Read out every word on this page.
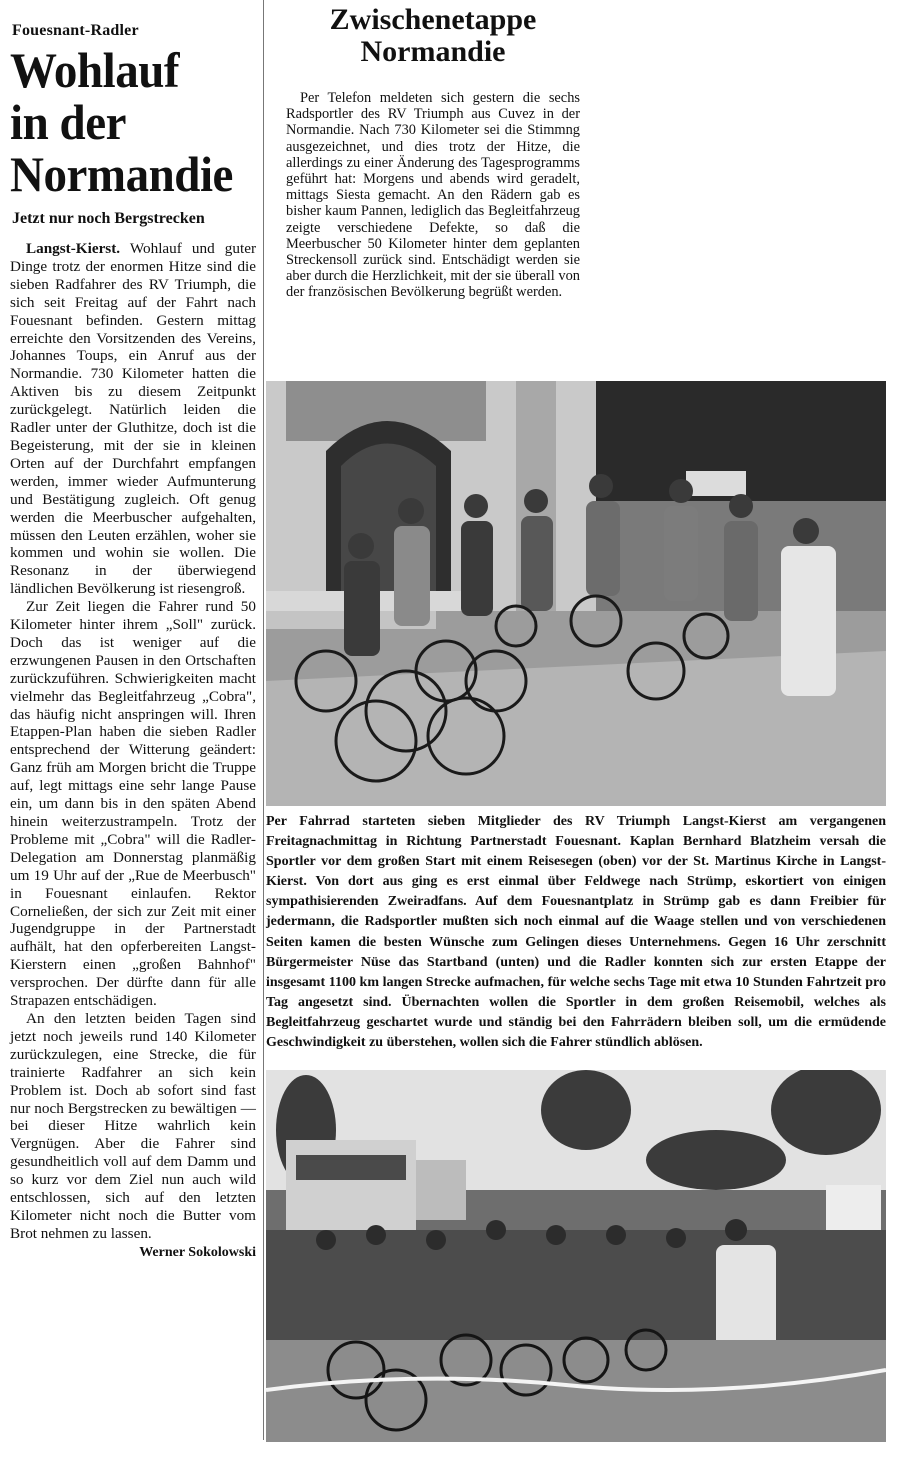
Fouesnant-Radler
Wohlauf
in der
Normandie
Jetzt nur noch Bergstrecken

Langst-Kierst. Wohlauf und guter Dinge trotz der enormen Hitze sind die sieben Radfahrer des RV Triumph, die sich seit Freitag auf der Fahrt nach Fouesnant befinden. Gestern mittag erreichte den Vorsitzenden des Vereins, Johannes Toups, ein Anruf aus der Normandie. 730 Kilometer hatten die Aktiven bis zu diesem Zeitpunkt zurückgelegt. Natürlich leiden die Radler unter der Gluthitze, doch ist die Begeisterung, mit der sie in kleinen Orten auf der Durchfahrt empfangen werden, immer wieder Aufmunterung und Bestätigung zugleich. Oft genug werden die Meerbuscher aufgehalten, müssen den Leuten erzählen, woher sie kommen und wohin sie wollen. Die Resonanz in der überwiegend ländlichen Bevölkerung ist riesengroß.

Zur Zeit liegen die Fahrer rund 50 Kilometer hinter ihrem „Soll" zurück. Doch das ist weniger auf die erzwungenen Pausen in den Ortschaften zurückzuführen. Schwierigkeiten macht vielmehr das Begleitfahrzeug „Cobra", das häufig nicht anspringen will. Ihren Etappen-Plan haben die sieben Radler entsprechend der Witterung geändert: Ganz früh am Morgen bricht die Truppe auf, legt mittags eine sehr lange Pause ein, um dann bis in den späten Abend hinein weiterzustrampeln. Trotz der Probleme mit „Cobra" will die Radler-Delegation am Donnerstag planmäßig um 19 Uhr auf der „Rue de Meerbusch" in Fouesnant einlaufen. Rektor Corneließen, der sich zur Zeit mit einer Jugendgruppe in der Partnerstadt aufhält, hat den opferbereiten Langst-Kierstern einen „großen Bahnhof" versprochen. Der dürfte dann für alle Strapazen entschädigen.

An den letzten beiden Tagen sind jetzt noch jeweils rund 140 Kilometer zurückzulegen, eine Strecke, die für trainierte Radfahrer an sich kein Problem ist. Doch ab sofort sind fast nur noch Bergstrecken zu bewältigen — bei dieser Hitze wahrlich kein Vergnügen. Aber die Fahrer sind gesundheitlich voll auf dem Damm und so kurz vor dem Ziel nun auch wild entschlossen, sich auf den letzten Kilometer nicht noch die Butter vom Brot nehmen zu lassen.

Werner Sokolowski
Zwischenetappe
Normandie

Per Telefon meldeten sich gestern die sechs Radsportler des RV Triumph aus Cuvez in der Normandie. Nach 730 Kilometer sei die Stimmng ausgezeichnet, und dies trotz der Hitze, die allerdings zu einer Änderung des Tagesprogramms geführt hat: Morgens und abends wird geradelt, mittags Siesta gemacht. An den Rädern gab es bisher kaum Pannen, lediglich das Begleitfahrzeug zeigte verschiedene Defekte, so daß die Meerbuscher 50 Kilometer hinter dem geplanten Streckensoll zurück sind. Entschädigt werden sie aber durch die Herzlichkeit, mit der sie überall von der französischen Bevölkerung begrüßt werden.

Per Fahrrad starteten sieben Mitglieder des RV Triumph Langst-Kierst am vergangenen Freitagnachmittag in Richtung Partnerstadt Fouesnant. Kaplan Bernhard Blatzheim versah die Sportler vor dem großen Start mit einem Reisesegen (oben) vor der St. Martinus Kirche in Langst-Kierst. Von dort aus ging es erst einmal über Feldwege nach Strümp, eskortiert von einigen sympathisierenden Zweiradfans. Auf dem Fouesnantplatz in Strümp gab es dann Freibier für jedermann, die Radsportler mußten sich noch einmal auf die Waage stellen und von verschiedenen Seiten kamen die besten Wünsche zum Gelingen dieses Unternehmens. Gegen 16 Uhr zerschnitt Bürgermeister Nüse das Startband (unten) und die Radler konnten sich zur ersten Etappe der insgesamt 1100 km langen Strecke aufmachen, für welche sechs Tage mit etwa 10 Stunden Fahrtzeit pro Tag angesetzt sind. Übernachten wollen die Sportler in dem großen Reisemobil, welches als Begleitfahrzeug geschartet wurde und ständig bei den Fahrrädern bleiben soll, um die ermüdende Geschwindigkeit zu überstehen, wollen sich die Fahrer stündlich ablösen.
